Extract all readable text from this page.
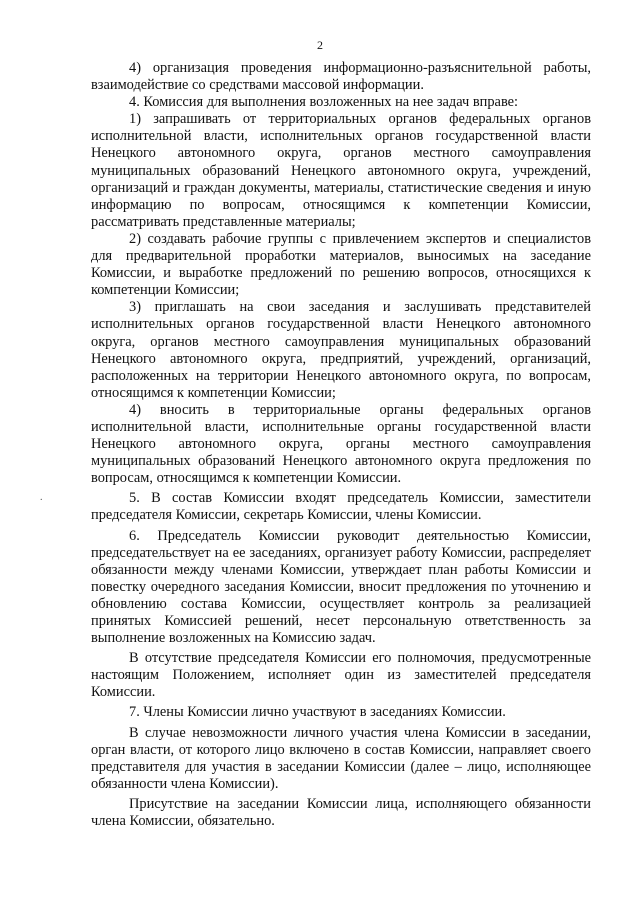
2
.

4) организация проведения информационно-разъяснительной работы, взаимодействие со средствами массовой информации.

4. Комиссия для выполнения возложенных на нее задач вправе:

1) запрашивать от территориальных органов федеральных органов исполнительной власти, исполнительных органов государственной власти Ненецкого автономного округа, органов местного самоуправления муниципальных образований Ненецкого автономного округа, учреждений, организаций и граждан документы, материалы, статистические сведения и иную информацию по вопросам, относящимся к компетенции Комиссии, рассматривать представленные материалы;

2) создавать рабочие группы с привлечением экспертов и специалистов для предварительной проработки материалов, выносимых на заседание Комиссии, и выработке предложений по решению вопросов, относящихся к компетенции Комиссии;

3) приглашать на свои заседания и заслушивать представителей исполнительных органов государственной власти Ненецкого автономного округа, органов местного самоуправления муниципальных образований Ненецкого автономного округа, предприятий, учреждений, организаций, расположенных на территории Ненецкого автономного округа, по вопросам, относящимся к компетенции Комиссии;

4) вносить в территориальные органы федеральных органов исполнительной власти, исполнительные органы государственной власти Ненецкого автономного округа, органы местного самоуправления муниципальных образований Ненецкого автономного округа предложения по вопросам, относящимся к компетенции Комиссии.

5. В состав Комиссии входят председатель Комиссии, заместители председателя Комиссии, секретарь Комиссии, члены Комиссии.

6. Председатель Комиссии руководит деятельностью Комиссии, председательствует на ее заседаниях, организует работу Комиссии, распределяет обязанности между членами Комиссии, утверждает план работы Комиссии и повестку очередного заседания Комиссии, вносит предложения по уточнению и обновлению состава Комиссии, осуществляет контроль за реализацией принятых Комиссией решений, несет персональную ответственность за выполнение возложенных на Комиссию задач.

В отсутствие председателя Комиссии его полномочия, предусмотренные настоящим Положением, исполняет один из заместителей председателя Комиссии.

7. Члены Комиссии лично участвуют в заседаниях Комиссии.

В случае невозможности личного участия члена Комиссии в заседании, орган власти, от которого лицо включено в состав Комиссии, направляет своего представителя для участия в заседании Комиссии (далее – лицо, исполняющее обязанности члена Комиссии).

Присутствие на заседании Комиссии лица, исполняющего обязанности члена Комиссии, обязательно.
